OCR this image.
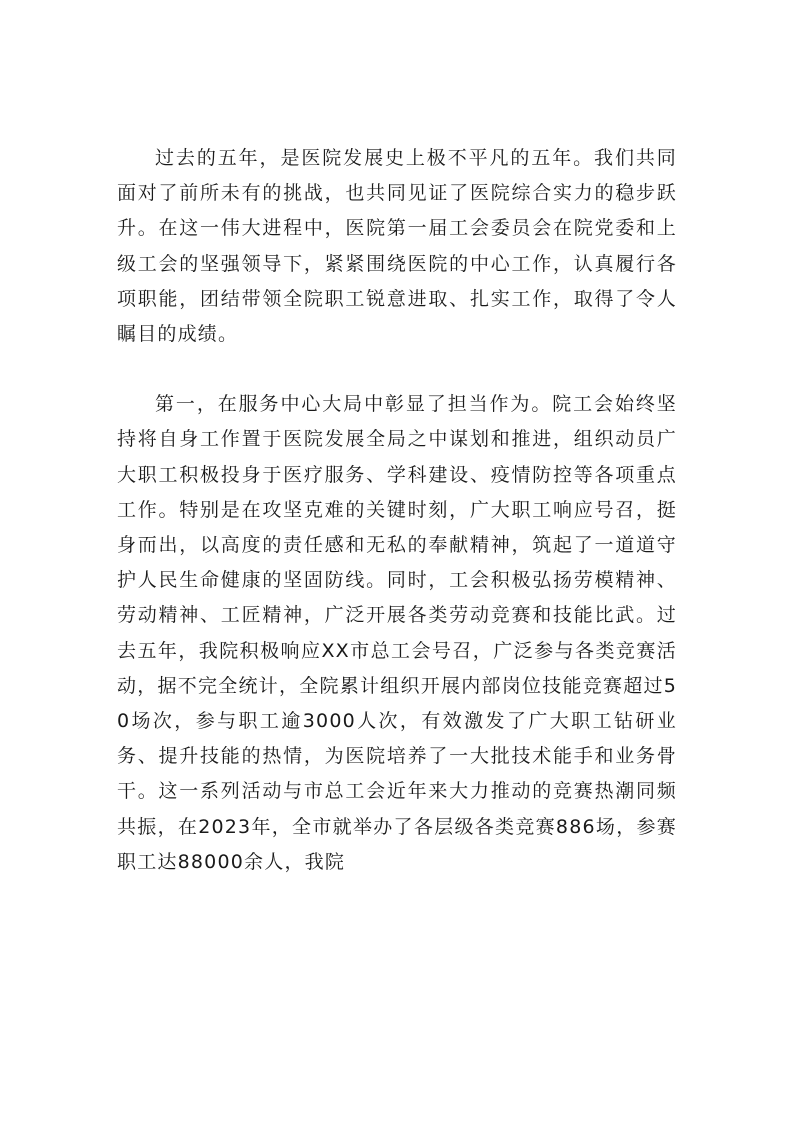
过去的五年，是医院发展史上极不平凡的五年。我们共同面对了前所未有的挑战，也共同见证了医院综合实力的稳步跃升。在这一伟大进程中，医院第一届工会委员会在院党委和上级工会的坚强领导下，紧紧围绕医院的中心工作，认真履行各项职能，团结带领全院职工锐意进取、扎实工作，取得了令人瞩目的成绩。

第一，在服务中心大局中彰显了担当作为。院工会始终坚持将自身工作置于医院发展全局之中谋划和推进，组织动员广大职工积极投身于医疗服务、学科建设、疫情防控等各项重点工作。特别是在攻坚克难的关键时刻，广大职工响应号召，挺身而出，以高度的责任感和无私的奉献精神，筑起了一道道守护人民生命健康的坚固防线。同时，工会积极弘扬劳模精神、劳动精神、工匠精神，广泛开展各类劳动竞赛和技能比武。过去五年，我院积极响应XX市总工会号召，广泛参与各类竞赛活动，据不完全统计，全院累计组织开展内部岗位技能竞赛超过50场次，参与职工逾3000人次，有效激发了广大职工钻研业务、提升技能的热情，为医院培养了一大批技术能手和业务骨干。这一系列活动与市总工会近年来大力推动的竞赛热潮同频共振，在2023年，全市就举办了各层级各类竞赛886场，参赛职工达88000余人，我院
